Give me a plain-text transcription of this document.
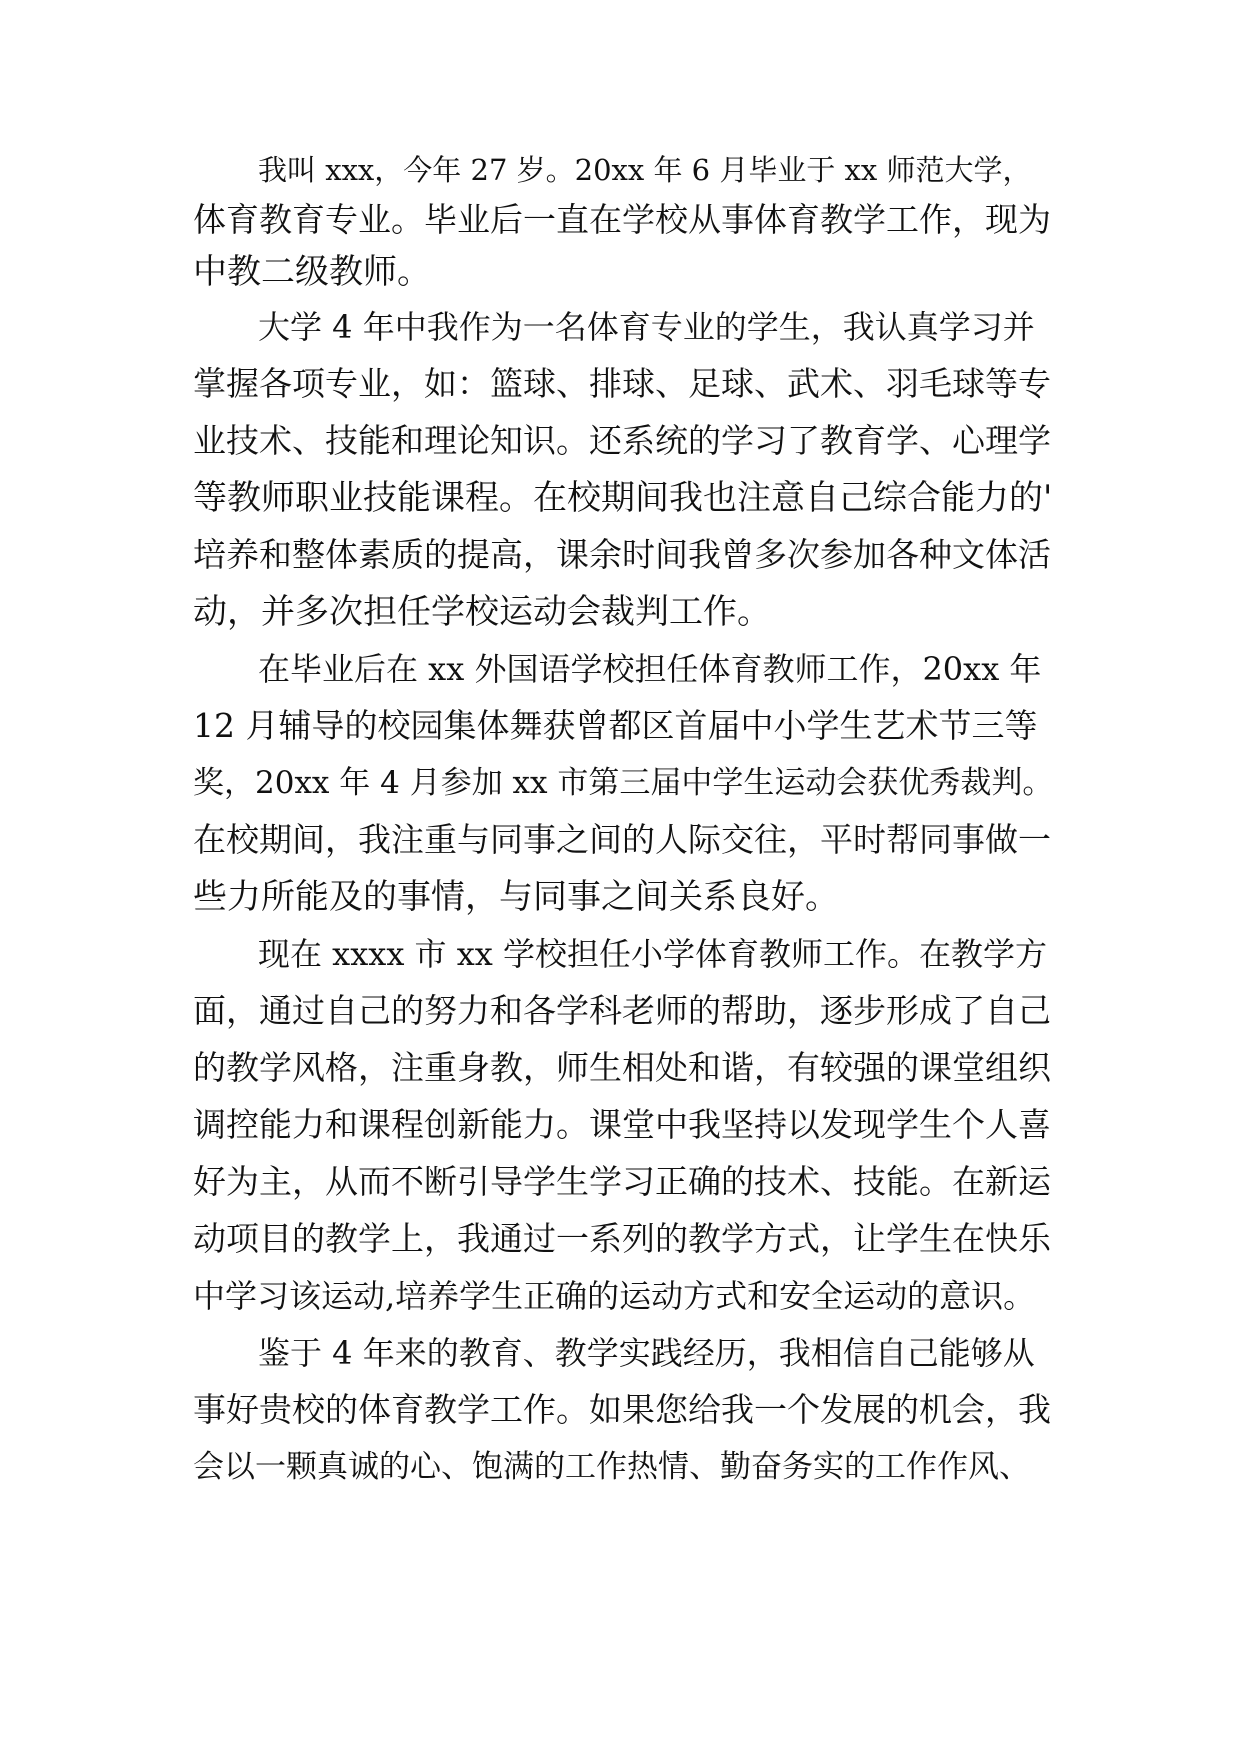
我叫 xxx，今年 27 岁。20xx 年 6 月毕业于 xx 师范大学，
体育教育专业。毕业后一直在学校从事体育教学工作，现为
中教二级教师。
大学 4 年中我作为一名体育专业的学生，我认真学习并
掌握各项专业，如：篮球、排球、足球、武术、羽毛球等专
业技术、技能和理论知识。还系统的学习了教育学、心理学
等教师职业技能课程。在校期间我也注意自己综合能力的'
培养和整体素质的提高，课余时间我曾多次参加各种文体活
动，并多次担任学校运动会裁判工作。
在毕业后在 xx 外国语学校担任体育教师工作，20xx 年
12 月辅导的校园集体舞获曾都区首届中小学生艺术节三等
奖，20xx 年 4 月参加 xx 市第三届中学生运动会获优秀裁判。
在校期间，我注重与同事之间的人际交往，平时帮同事做一
些力所能及的事情，与同事之间关系良好。
现在 xxxx 市 xx 学校担任小学体育教师工作。在教学方
面，通过自己的努力和各学科老师的帮助，逐步形成了自己
的教学风格，注重身教，师生相处和谐，有较强的课堂组织
调控能力和课程创新能力。课堂中我坚持以发现学生个人喜
好为主，从而不断引导学生学习正确的技术、技能。在新运
动项目的教学上，我通过一系列的教学方式，让学生在快乐
中学习该运动,培养学生正确的运动方式和安全运动的意识。
鉴于 4 年来的教育、教学实践经历，我相信自己能够从
事好贵校的体育教学工作。如果您给我一个发展的机会，我
会以一颗真诚的心、饱满的工作热情、勤奋务实的工作作风、
